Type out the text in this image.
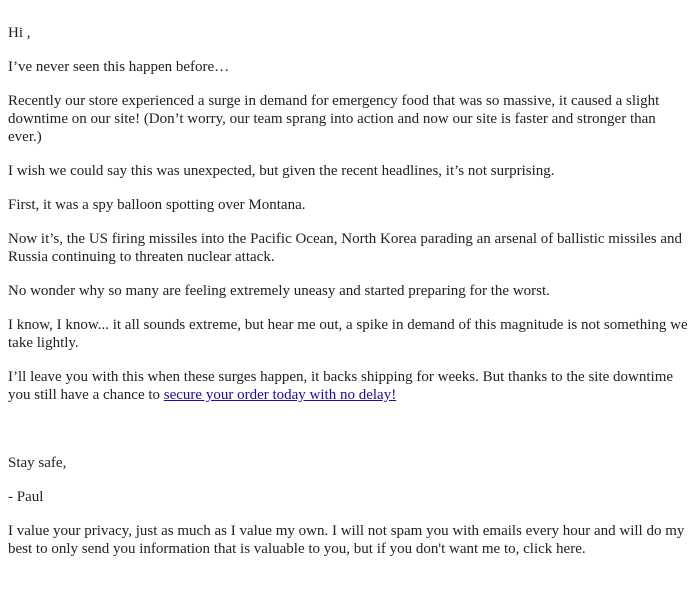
Hi ,

I’ve never seen this happen before…

Recently our store experienced a surge in demand for emergency food that was so massive, it caused a slight downtime on our site! (Don’t worry, our team sprang into action and now our site is faster and stronger than ever.)

I wish we could say this was unexpected, but given the recent headlines, it’s not surprising.

First, it was a spy balloon spotting over Montana.

Now it’s, the US firing missiles into the Pacific Ocean, North Korea parading an arsenal of ballistic missiles and Russia continuing to threaten nuclear attack.

No wonder why so many are feeling extremely uneasy and started preparing for the worst.

I know, I know... it all sounds extreme, but hear me out, a spike in demand of this magnitude is not something we take lightly.

I’ll leave you with this when these surges happen, it backs shipping for weeks. But thanks to the site downtime you still have a chance to secure your order today with no delay!

Stay safe,

- Paul

I value your privacy, just as much as I value my own. I will not spam you with emails every hour and will do my best to only send you information that is valuable to you, but if you don't want me to, click here.
